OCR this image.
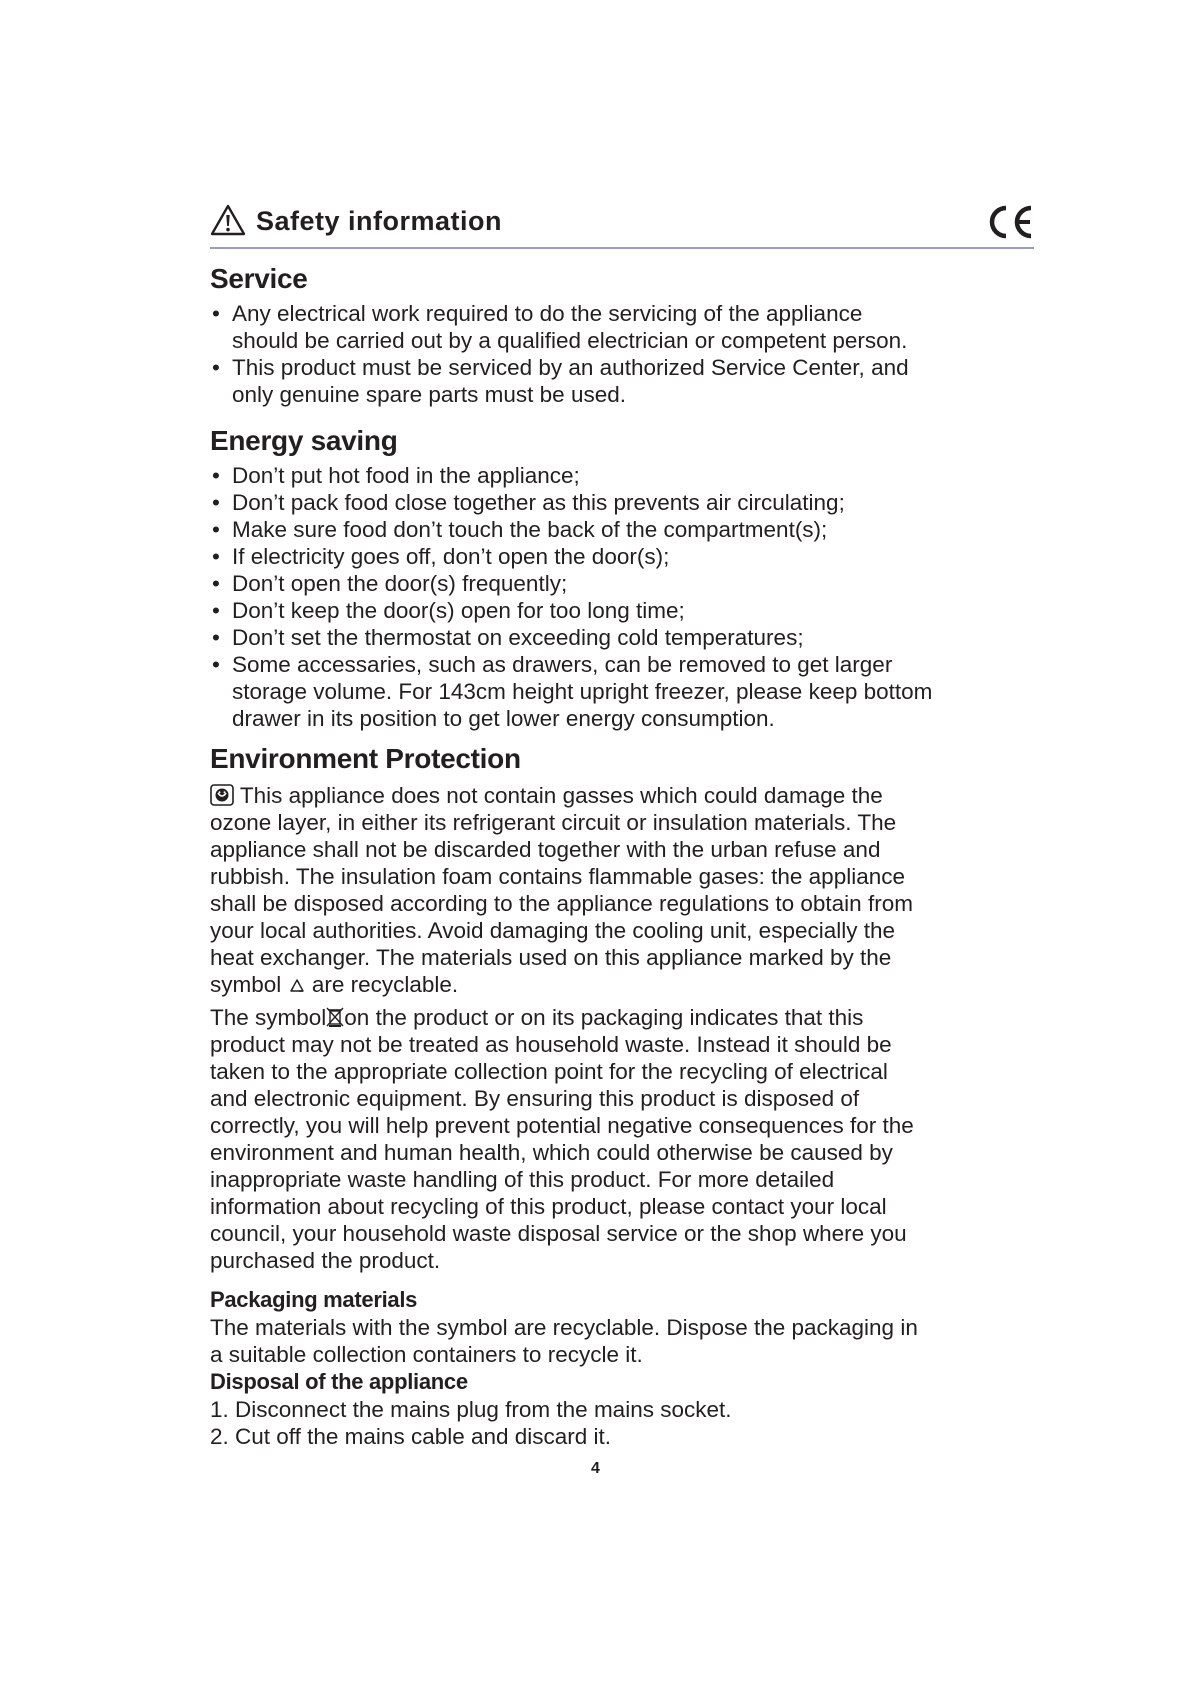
Safety information
Service
• Any electrical work required to do the servicing of the appliance
should be carried out by a qualified electrician or competent person.
• This product must be serviced by an authorized Service Center, and
only genuine spare parts must be used.
Energy saving
• Don’t put hot food in the appliance;
• Don’t pack food close together as this prevents air circulating;
• Make sure food don’t touch the back of the compartment(s);
• If electricity goes off, don’t open the door(s);
• Don’t open the door(s) frequently;
• Don’t keep the door(s) open for too long time;
• Don’t set the thermostat on exceeding cold temperatures;
• Some accessaries, such as drawers, can be removed to get larger
storage volume. For 143cm height upright freezer, please keep bottom
drawer in its position to get lower energy consumption.
Environment Protection

This appliance does not contain gasses which could damage the

ozone layer, in either its refrigerant circuit or insulation materials. The

appliance shall not be discarded together with the urban refuse and

rubbish. The insulation foam contains flammable gases: the appliance

shall be disposed according to the appliance regulations to obtain from

your local authorities. Avoid damaging the cooling unit, especially the

heat exchanger. The materials used on this appliance marked by the

symbol are recyclable.

The symbol on the product or on its packaging indicates that this

product may not be treated as household waste. Instead it should be

taken to the appropriate collection point for the recycling of electrical

and electronic equipment. By ensuring this product is disposed of

correctly, you will help prevent potential negative consequences for the

environment and human health, which could otherwise be caused by

inappropriate waste handling of this product. For more detailed

information about recycling of this product, please contact your local

council, your household waste disposal service or the shop where you

purchased the product.

Packaging materials

The materials with the symbol are recyclable. Dispose the packaging in

a suitable collection containers to recycle it.

Disposal of the appliance
1. Disconnect the mains plug from the mains socket.
2. Cut off the mains cable and discard it.
4
